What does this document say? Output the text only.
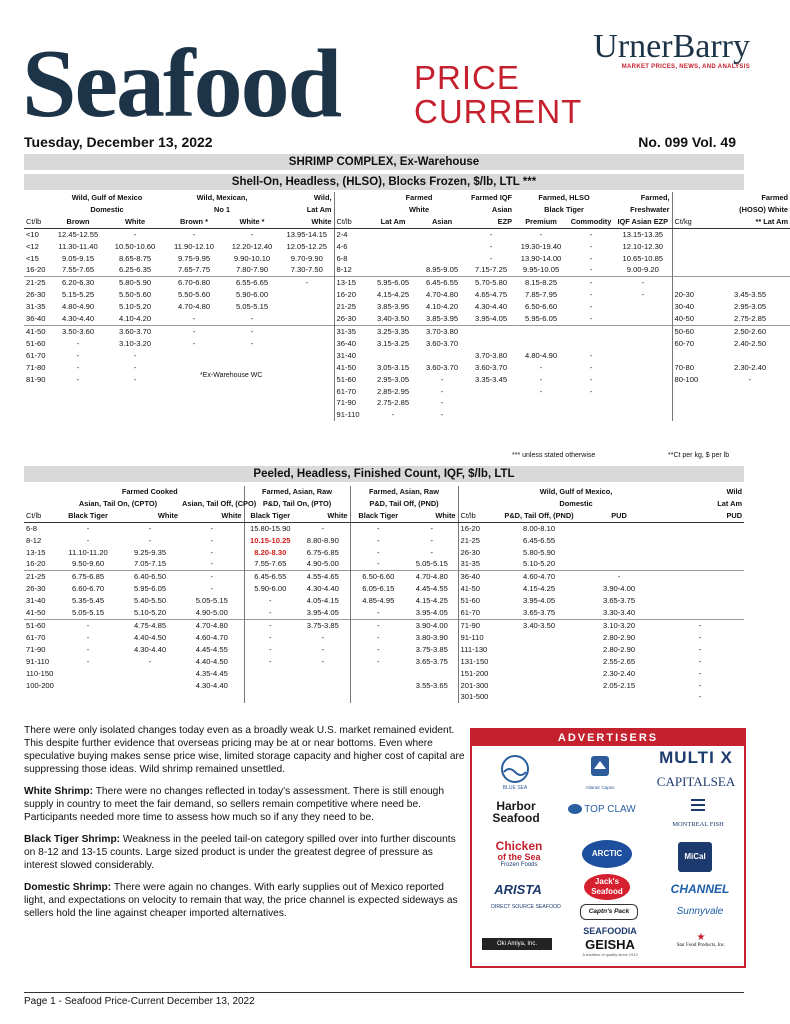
Seafood PRICE
CURRENT
UrnerBarry
MARKET PRICES, NEWS, AND ANALYSIS
Tuesday, December 13, 2022	No. 099 Vol. 49
SHRIMP COMPLEX, Ex-Warehouse
Shell-On, Headless, (HLSO), Blocks Frozen, $/lb, LTL ***
	Wild, Gulf of Mexico		Wild, Mexican,		Wild,		Farmed		Farmed IQF	Farmed, HLSO		Farmed,		Farmed
	Domestic		No 1		Lat Am		White		Asian	Black Tiger		Freshwater		(HOSO) White
Ct/lb	Brown	White	Brown *	White *	White	Ct/lb	Lat Am	Asian	EZP	Premium	Commodity	IQF Asian EZP	Ct/kg	** Lat Am
<10	12.45-12.55	-	-	-	13.95-14.15	2-4			-	-	-	13.15-13.35		
<12	11.30-11.40	10.50-10.60	11.90-12.10	12.20-12.40	12.05-12.25	4-6			-	19.30-19.40	-	12.10-12.30		
<15	9.05-9.15	8.65-8.75	9.75-9.95	9.90-10.10	9.70-9.90	6-8			-	13.90-14.00	-	10.65-10.85		
16-20	7.55-7.65	6.25-6.35	7.65-7.75	7.80-7.90	7.30-7.50	8-12		8.95-9.05	7.15-7.25	9.95-10.05	-	9.00-9.20		
21-25	6.20-6.30	5.80-5.90	6.70-6.80	6.55-6.65	-	13-15	5.95-6.05	6.45-6.55	5.70-5.80	8.15-8.25	-	-		
26-30	5.15-5.25	5.50-5.60	5.50-5.60	5.90-6.00		16-20	4.15-4.25	4.70-4.80	4.65-4.75	7.85-7.95	-	-	20-30	3.45-3.55
31-35	4.80-4.90	5.10-5.20	4.70-4.80	5.05-5.15		21-25	3.85-3.95	4.10-4.20	4.30-4.40	6.50-6.60	-		30-40	2.95-3.05
36-40	4.30-4.40	4.10-4.20	-	-		26-30	3.40-3.50	3.85-3.95	3.95-4.05	5.95-6.05	-		40-50	2.75-2.85
41-50	3.50-3.60	3.60-3.70	-	-		31-35	3.25-3.35	3.70-3.80					50-60	2.50-2.60
51-60	-	3.10-3.20	-	-		36-40	3.15-3.25	3.60-3.70					60-70	2.40-2.50
61-70	-	-				31-40			3.70-3.80	4.80-4.90	-			
71-80	-	-				41-50	3.05-3.15	3.60-3.70	3.60-3.70	-	-		70-80	2.30-2.40
81-90	-	-				51-60	2.95-3.05	-	3.35-3.45	-	-		80-100	-
						61-70	2.85-2.95	-		-	-			
						71-90	2.75-2.85	-						
						91-110	-	-						
*Ex-Warehouse WC
*** unless stated otherwise	**Ct per kg, $ per lb
Peeled, Headless, Finished Count, IQF, $/lb, LTL
	Farmed Cooked			Farmed, Asian, Raw		Farmed, Asian, Raw			Wild, Gulf of Mexico,		Wild
	Asian, Tail On, (CPTO)		Asian, Tail Off, (CPO)	P&D, Tail On, (PTO)		P&D, Tail Off, (PND)			Domestic		Lat Am
Ct/lb	Black Tiger	White	White	Black Tiger	White	Black Tiger	White	Ct/lb	P&D, Tail Off, (PND)	PUD	PUD
6-8	-	-	-	15.80-15.90	-	-	-	16-20	8.00-8.10		
8-12	-	-	-	10.15-10.25	8.80-8.90	-	-	21-25	6.45-6.55		
13-15	11.10-11.20	9.25-9.35	-	8.20-8.30	6.75-6.85	-	-	26-30	5.80-5.90		
16-20	9.50-9.60	7.05-7.15	-	7.55-7.65	4.90-5.00	-	5.05-5.15	31-35	5.10-5.20		
21-25	6.75-6.85	6.40-6.50	-	6.45-6.55	4.55-4.65	6.50-6.60	4.70-4.80	36-40	4.60-4.70	-	
26-30	6.60-6.70	5.95-6.05	-	5.90-6.00	4.30-4.40	6.05-6.15	4.45-4.55	41-50	4.15-4.25	3.90-4.00	
31-40	5.35-5.45	5.40-5.50	5.05-5.15	-	4.05-4.15	4.85-4.95	4.15-4.25	51-60	3.95-4.05	3.65-3.75	
41-50	5.05-5.15	5.10-5.20	4.90-5.00	-	3.95-4.05	-	3.95-4.05	61-70	3.65-3.75	3.30-3.40	
51-60	-	4.75-4.85	4.70-4.80	-	3.75-3.85	-	3.90-4.00	71-90	3.40-3.50	3.10-3.20	-
61-70	-	4.40-4.50	4.60-4.70	-	-	-	3.80-3.90	91-110		2.80-2.90	-
71-90	-	4.30-4.40	4.45-4.55	-	-	-	3.75-3.85	111-130		2.80-2.90	-
91-110	-	-	4.40-4.50	-	-	-	3.65-3.75	131-150		2.55-2.65	-
110-150			4.35-4.45					151-200		2.30-2.40	-
100-200			4.30-4.40				3.55-3.65	201-300		2.05-2.15	-
								301-500			-

There were only isolated changes today even as a broadly weak U.S. market remained evident. This despite further evidence that overseas pricing may be at or near bottoms. Even where speculative buying makes sense price wise, limited storage capacity and higher cost of capital are suppressing those ideas. Wild shrimp remained unsettled.

White Shrimp: There were no changes reflected in today's assessment. There is still enough supply in country to meet the fair demand, so sellers remain competitive where need be. Participants needed more time to assess how much so if any they need to be.

Black Tiger Shrimp: Weakness in the peeled tail-on category spilled over into further discounts on 8-12 and 13-15 counts. Large sized product is under the greatest degree of pressure as interest slowed considerably.

Domestic Shrimp: There were again no changes. With early supplies out of Mexico reported light, and expectations on velocity to remain that way, the price channel is expected sideways as sellers hold the line against cheaper imported alternatives.

ADVERTISERS
BLUE SEA	Atlantic Capes
MULTI X
CAPITALSEA
Harbor
Seafood
TOP CLAW
MONTREAL FISH
Chicken
of the Sea
Frozen Foods
ARCTIC	MiCal
Jack's
Seafood
ARISTA	CHANNEL
Captn's Pack	Sunnyvale
DIRECT SOURCE SEAFOOD
SEAFOODIA
Oki Amiya, Inc.	GEISHA
A tradition of quality since 1912
★
Star Food Products, Inc.
Page 1 - Seafood Price-Current December 13, 2022
